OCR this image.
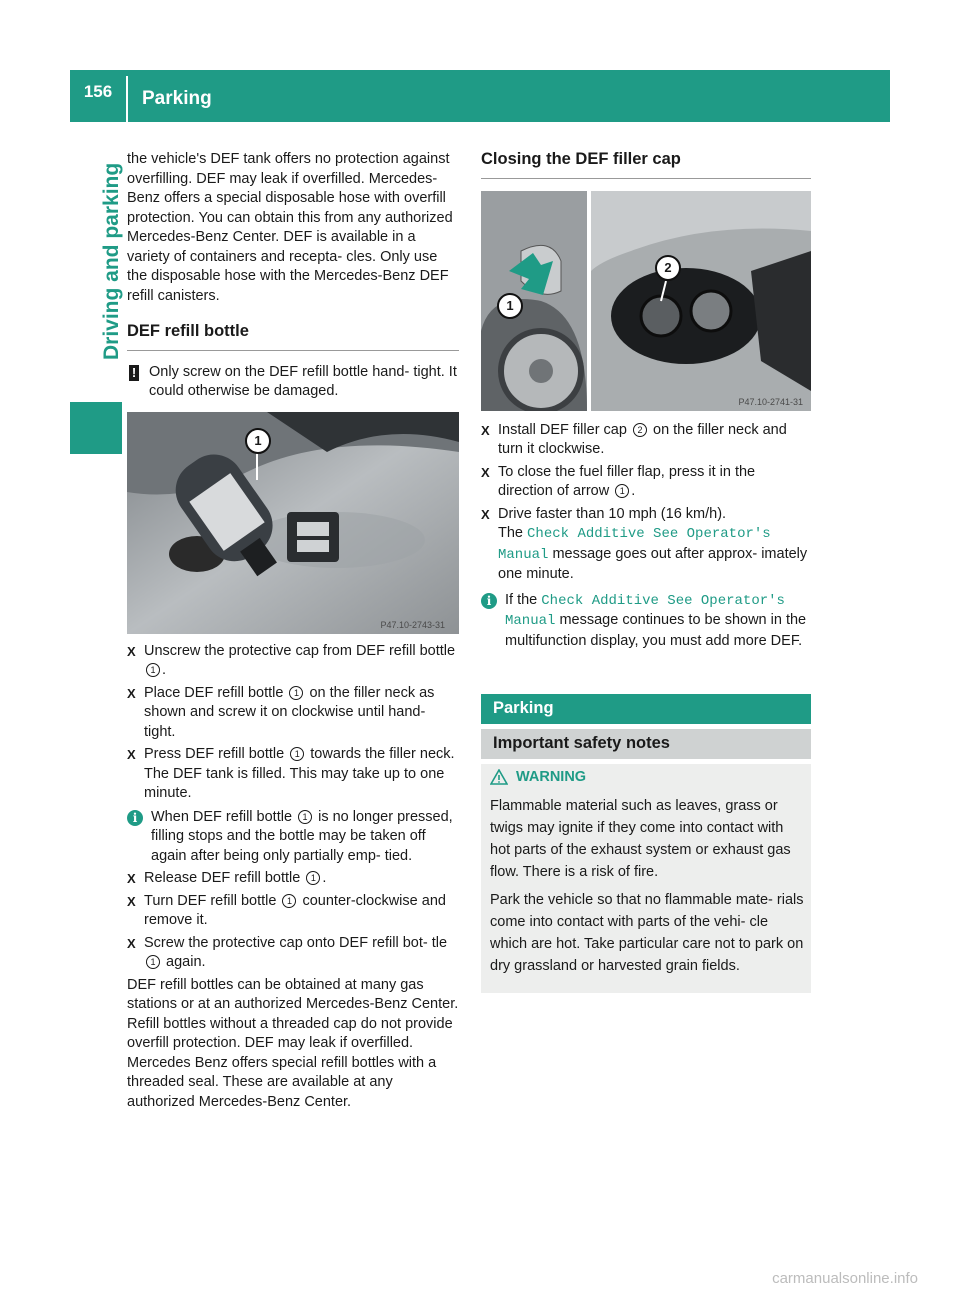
156	Parking
Driving and parking

the vehicle's DEF tank offers no protection against overfilling. DEF may leak if overfilled. Mercedes-Benz offers a special disposable hose with overfill protection. You can obtain this from any authorized Mercedes-Benz Center. DEF is available in a variety of containers and recepta- cles. Only use the disposable hose with the Mercedes-Benz DEF refill canisters.

DEF refill bottle
! Only screw on the DEF refill bottle hand- tight. It could otherwise be damaged.
P47.10-2743-31
1
X Unscrew the protective cap from DEF refill bottle 1 .
X Place DEF refill bottle 1 on the filler neck as shown and screw it on clockwise until hand- tight.
X Press DEF refill bottle 1 towards the filler neck.
The DEF tank is filled. This may take up to one minute.
i When DEF refill bottle 1 is no longer pressed, filling stops and the bottle may be taken off again after being only partially emp- tied.
X Release DEF refill bottle 1 .
X Turn DEF refill bottle 1 counter-clockwise and remove it.
X Screw the protective cap onto DEF refill bot- tle 1 again.

DEF refill bottles can be obtained at many gas stations or at an authorized Mercedes-Benz Center. Refill bottles without a threaded cap do not provide overfill protection. DEF may leak if overfilled. Mercedes Benz offers special refill bottles with a threaded seal. These are available at any authorized Mercedes-Benz Center.

Closing the DEF filler cap
P47.10-2741-31
1
2
X Install DEF filler cap 2 on the filler neck and turn it clockwise.
X To close the fuel filler flap, press it in the direction of arrow 1 .
X Drive faster than 10 mph (16 km/h).
The Check Additive See Operator's Manual message goes out after approx- imately one minute.
i If the Check Additive See Operator's Manual message continues to be shown in the multifunction display, you must add more DEF.
Parking
Important safety notes
WARNING

Flammable material such as leaves, grass or twigs may ignite if they come into contact with hot parts of the exhaust system or exhaust gas flow. There is a risk of fire.

Park the vehicle so that no flammable mate- rials come into contact with parts of the vehi- cle which are hot. Take particular care not to park on dry grassland or harvested grain fields.

carmanualsonline.info
